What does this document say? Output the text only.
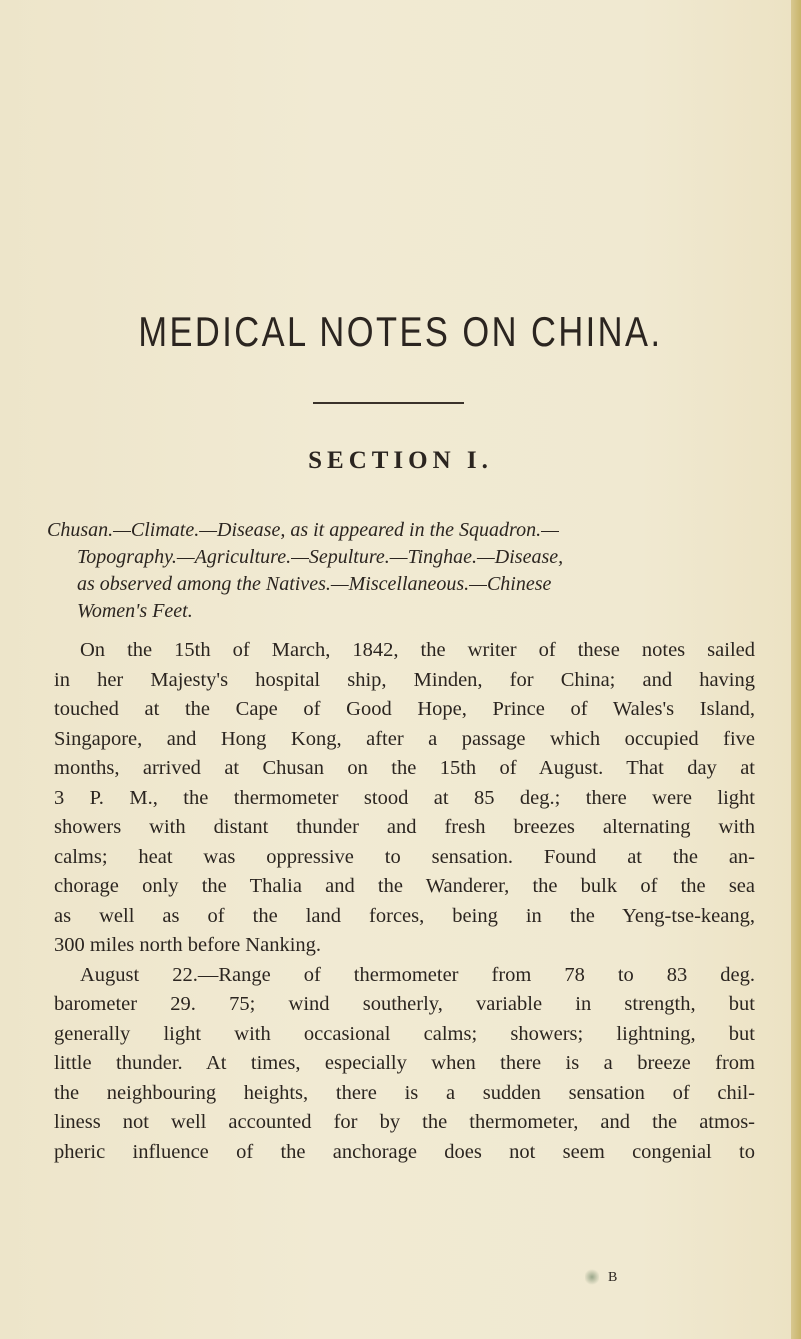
MEDICAL NOTES ON CHINA.
SECTION I.

Chusan.—Climate.—Disease, as it appeared in the Squadron.—
Topography.—Agriculture.—Sepulture.—Tinghae.—Disease,
as observed among the Natives.—Miscellaneous.—Chinese
Women's Feet.

On the 15th of March, 1842, the writer of these notes sailed
in her Majesty's hospital ship, Minden, for China; and having
touched at the Cape of Good Hope, Prince of Wales's Island,
Singapore, and Hong Kong, after a passage which occupied five
months, arrived at Chusan on the 15th of August. That day at
3 P. M., the thermometer stood at 85 deg.; there were light
showers with distant thunder and fresh breezes alternating with
calms; heat was oppressive to sensation. Found at the an-
chorage only the Thalia and the Wanderer, the bulk of the sea
as well as of the land forces, being in the Yeng-tse-keang,
300 miles north before Nanking.
August 22.—Range of thermometer from 78 to 83 deg.
barometer 29. 75; wind southerly, variable in strength, but
generally light with occasional calms; showers; lightning, but
little thunder. At times, especially when there is a breeze from
the neighbouring heights, there is a sudden sensation of chil-
liness not well accounted for by the thermometer, and the atmos-
pheric influence of the anchorage does not seem congenial to
B
